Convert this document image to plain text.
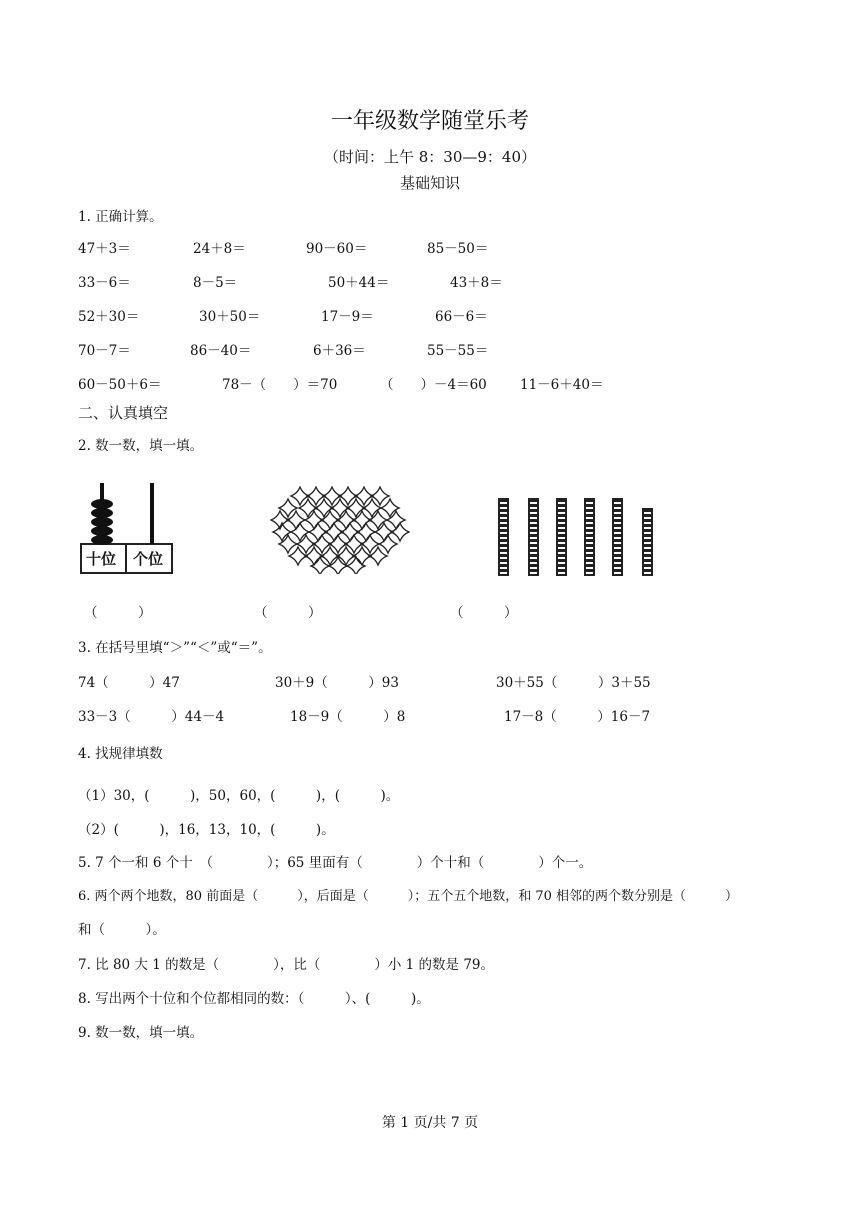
一年级数学随堂乐考
（时间：上午 8：30—9：40）
基础知识
1. 正确计算。
47＋3＝	24＋8＝	90－60＝	85－50＝
33－6＝	8－5＝	50＋44＝	43＋8＝
52＋30＝	30＋50＝	17－9＝	66－6＝
70－7＝	86－40＝	6＋36＝	55－55＝
60－50＋6＝	78－（　　）＝70	（　　）－4＝60 11－6＋40＝
二、认真填空
2. 数一数，填一填。
十位 个位
（　　　）	（　　　）	（　　　）
3. 在括号里填“＞”“＜”或“＝”。
74（　　　）47	30＋9（　　　）93	30＋55（　　　）3＋55
33－3（　　　）44－4	18－9（　　　）8	17－8（　　　）16－7
4. 找规律填数
（1）30，(　　　)，50，60，(　　　)，(　　　)。
（2）(　　　)，16，13，10，(　　　)。
5. 7 个一和 6 个十　（　　　　）；65 里面有（　　　　）个十和（　　　　）个一。
6. 两个两个地数，80 前面是（　　　），后面是（　　　）；五个五个地数，和 70 相邻的两个数分别是（　　　）
和（　　　）。
7. 比 80 大 1 的数是（　　　　），比（　　　　）小 1 的数是 79。
8. 写出两个十位和个位都相同的数：（　　　）、(　　　)。
9. 数一数，填一填。
第 1 页/共 7 页
